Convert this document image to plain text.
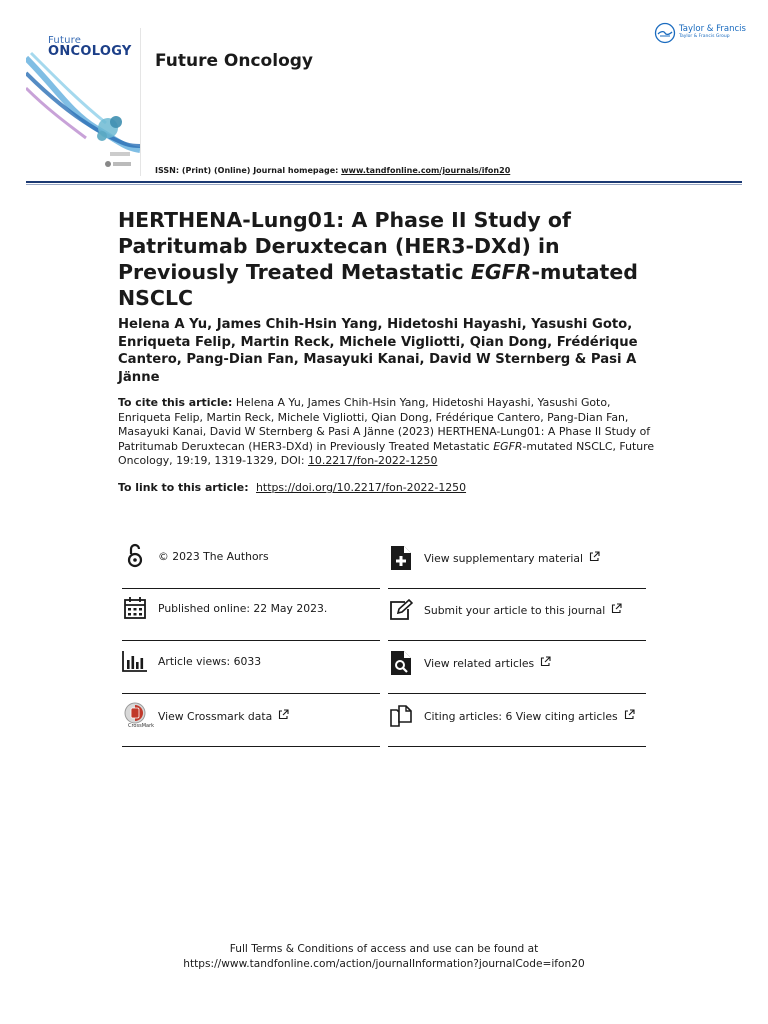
Future
ONCOLOGY Future Oncology
ISSN: (Print) (Online) Journal homepage: www.tandfonline.com/journals/ifon20
Taylor & Francis
Taylor & Francis Group
HERTHENA-Lung01: A Phase II Study of Patritumab Deruxtecan (HER3-DXd) in Previously Treated Metastatic EGFR-mutated NSCLC
Helena A Yu, James Chih-Hsin Yang, Hidetoshi Hayashi, Yasushi Goto, Enriqueta Felip, Martin Reck, Michele Vigliotti, Qian Dong, Frédérique Cantero, Pang-Dian Fan, Masayuki Kanai, David W Sternberg & Pasi A Jänne
To cite this article: Helena A Yu, James Chih-Hsin Yang, Hidetoshi Hayashi, Yasushi Goto, Enriqueta Felip, Martin Reck, Michele Vigliotti, Qian Dong, Frédérique Cantero, Pang-Dian Fan, Masayuki Kanai, David W Sternberg & Pasi A Jänne (2023) HERTHENA-Lung01: A Phase II Study of Patritumab Deruxtecan (HER3-DXd) in Previously Treated Metastatic EGFR-mutated NSCLC, Future Oncology, 19:19, 1319-1329, DOI: 10.2217/fon-2022-1250
To link to this article: https://doi.org/10.2217/fon-2022-1250
© 2023 The Authors
Published online: 22 May 2023.
Article views: 6033
View Crossmark data
CrossMark
View supplementary material
Submit your article to this journal
View related articles
Citing articles: 6 View citing articles
Full Terms & Conditions of access and use can be found at
https://www.tandfonline.com/action/journalInformation?journalCode=ifon20
